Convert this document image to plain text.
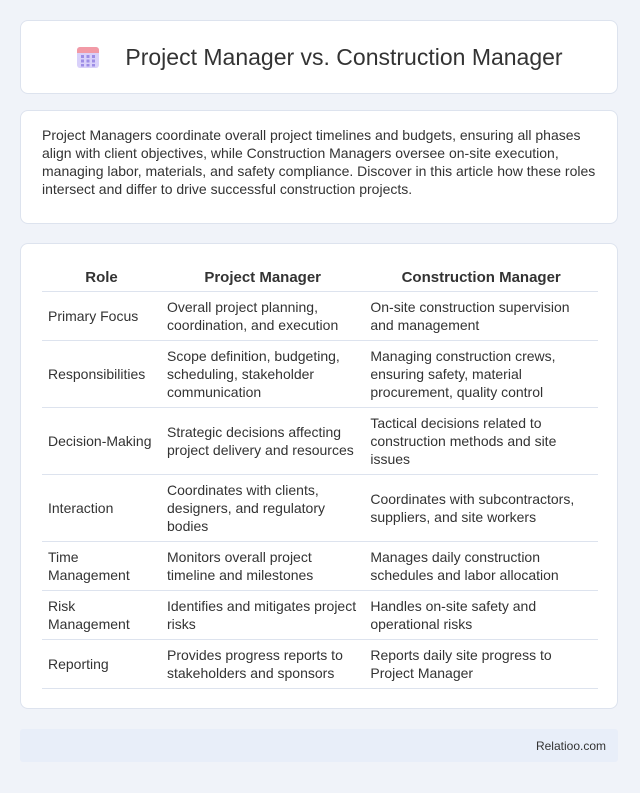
Project Manager vs. Construction Manager

Project Managers coordinate overall project timelines and budgets, ensuring all phases align with client objectives, while Construction Managers oversee on-site execution, managing labor, materials, and safety compliance. Discover in this article how these roles intersect and differ to drive successful construction projects.

Role	Project Manager	Construction Manager
Primary Focus	Overall project planning, coordination, and execution	On-site construction supervision and management
Responsibilities	Scope definition, budgeting, scheduling, stakeholder communication	Managing construction crews, ensuring safety, material procurement, quality control
Decision-Making	Strategic decisions affecting project delivery and resources	Tactical decisions related to construction methods and site issues
Interaction	Coordinates with clients, designers, and regulatory bodies	Coordinates with subcontractors, suppliers, and site workers
Time Management	Monitors overall project timeline and milestones	Manages daily construction schedules and labor allocation
Risk Management	Identifies and mitigates project risks	Handles on-site safety and operational risks
Reporting	Provides progress reports to stakeholders and sponsors	Reports daily site progress to Project Manager
Relatioo.com
